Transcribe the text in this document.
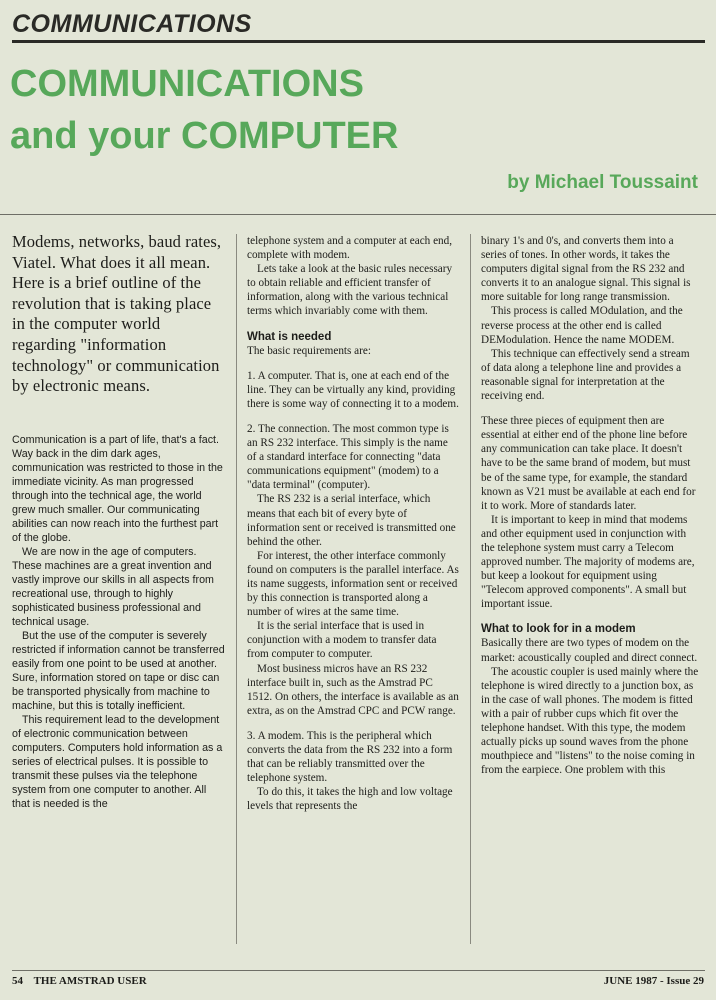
COMMUNICATIONS
COMMUNICATIONS
and your COMPUTER
by Michael Toussaint
Modems, networks, baud rates, Viatel. What does it all mean. Here is a brief outline of the revolution that is taking place in the computer world regarding "information technology" or communication by electronic means.

Communication is a part of life, that's a fact. Way back in the dim dark ages, communication was restricted to those in the immediate vicinity. As man progressed through into the technical age, the world grew much smaller. Our communicating abilities can now reach into the furthest part of the globe.

We are now in the age of computers. These machines are a great invention and vastly improve our skills in all aspects from recreational use, through to highly sophisticated business professional and technical usage.

But the use of the computer is severely restricted if information cannot be transferred easily from one point to be used at another. Sure, information stored on tape or disc can be transported physically from machine to machine, but this is totally inefficient.

This requirement lead to the development of electronic communication between computers. Computers hold information as a series of electrical pulses. It is possible to transmit these pulses via the telephone system from one computer to another. All that is needed is the

telephone system and a computer at each end, complete with modem.

Lets take a look at the basic rules necessary to obtain reliable and efficient transfer of information, along with the various technical terms which invariably come with them.

What is needed

The basic requirements are:

1. A computer. That is, one at each end of the line. They can be virtually any kind, providing there is some way of connecting it to a modem.

2. The connection. The most common type is an RS 232 interface. This simply is the name of a standard interface for connecting "data communications equipment" (modem) to a "data terminal" (computer).

The RS 232 is a serial interface, which means that each bit of every byte of information sent or received is transmitted one behind the other.

For interest, the other interface commonly found on computers is the parallel interface. As its name suggests, information sent or received by this connection is transported along a number of wires at the same time.

It is the serial interface that is used in conjunction with a modem to transfer data from computer to computer.

Most business micros have an RS 232 interface built in, such as the Amstrad PC 1512. On others, the interface is available as an extra, as on the Amstrad CPC and PCW range.

3. A modem. This is the peripheral which converts the data from the RS 232 into a form that can be reliably transmitted over the telephone system.

To do this, it takes the high and low voltage levels that represents the

binary 1's and 0's, and converts them into a series of tones. In other words, it takes the computers digital signal from the RS 232 and converts it to an analogue signal. This signal is more suitable for long range transmission.

This process is called MOdulation, and the reverse process at the other end is called DEModulation. Hence the name MODEM.

This technique can effectively send a stream of data along a telephone line and provides a reasonable signal for interpretation at the receiving end.

These three pieces of equipment then are essential at either end of the phone line before any communication can take place. It doesn't have to be the same brand of modem, but must be of the same type, for example, the standard known as V21 must be available at each end for it to work. More of standards later.

It is important to keep in mind that modems and other equipment used in conjunction with the telephone system must carry a Telecom approved number. The majority of modems are, but keep a lookout for equipment using "Telecom approved components". A small but important issue.

What to look for in a modem

Basically there are two types of modem on the market: acoustically coupled and direct connect.

The acoustic coupler is used mainly where the telephone is wired directly to a junction box, as in the case of wall phones. The modem is fitted with a pair of rubber cups which fit over the telephone handset. With this type, the modem actually picks up sound waves from the phone mouthpiece and "listens" to the noise coming in from the earpiece. One problem with this

54 THE AMSTRAD USER	JUNE 1987 - Issue 29
